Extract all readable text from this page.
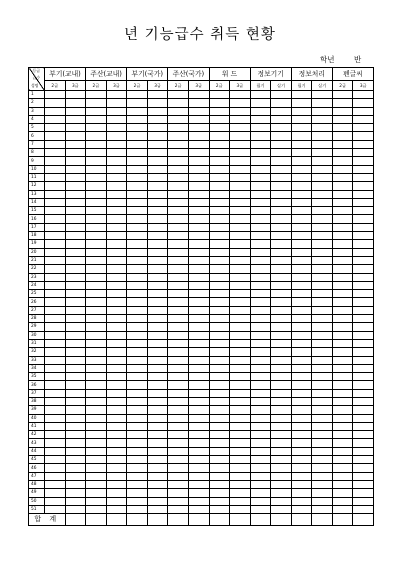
년 기능급수 취득 현황
학년	반
등급
급수
성명	부기(교내)		주산(교내)		부기(국가)		주산(국가)		워 드		정보기기		정보처리		펜글씨	
	2급	3급	2급	3급	2급	3급	2급	3급	2급	3급	필기	실기	필기	실기	2급	3급
1																
2																
3																
4																
5																
6																
7																
8																
9																
10																
11																
12																
13																
14																
15																
16																
17																
18																
19																
20																
21																
22																
23																
24																
25																
26																
27																
28																
29																
30																
31																
32																
33																
34																
35																
36																
37																
38																
39																
40																
41																
42																
43																
44																
45																
46																
47																
48																
49																
50																
51																
합 계																
